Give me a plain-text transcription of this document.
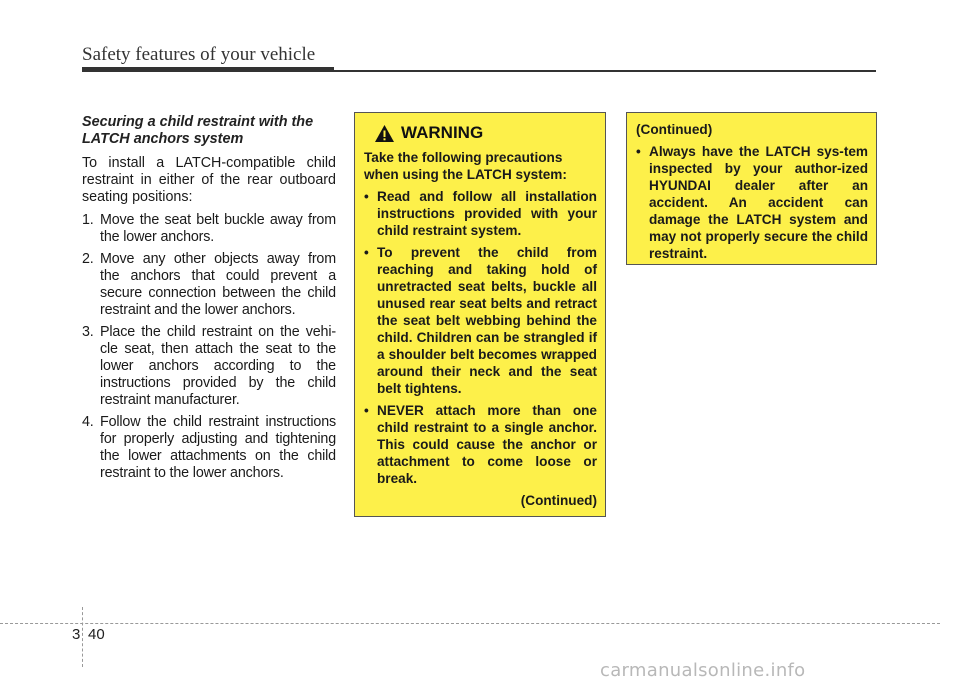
Safety features of your vehicle
Securing a child restraint with the LATCH anchors system
To install a LATCH-compatible child restraint in either of the rear outboard seating positions:
1. Move the seat belt buckle away from the lower anchors.
2. Move any other objects away from the anchors that could prevent a secure connection between the child restraint and the lower anchors.
3. Place the child restraint on the vehi-cle seat, then attach the seat to the lower anchors according to the instructions provided by the child restraint manufacturer.
4. Follow the child restraint instructions for properly adjusting and tightening the lower attachments on the child restraint to the lower anchors.
WARNING
Take the following precautions when using the LATCH system:
• Read and follow all installation instructions provided with your child restraint system.
• To prevent the child from reaching and taking hold of unretracted seat belts, buckle all unused rear seat belts and retract the seat belt webbing behind the child. Children can be strangled if a shoulder belt becomes wrapped around their neck and the seat belt tightens.
• NEVER attach more than one child restraint to a single anchor. This could cause the anchor or attachment to come loose or break.
(Continued)
(Continued)
• Always have the LATCH sys-tem inspected by your author-ized HYUNDAI dealer after an accident. An accident can damage the LATCH system and may not properly secure the child restraint.
3 40
carmanualsonline.info
